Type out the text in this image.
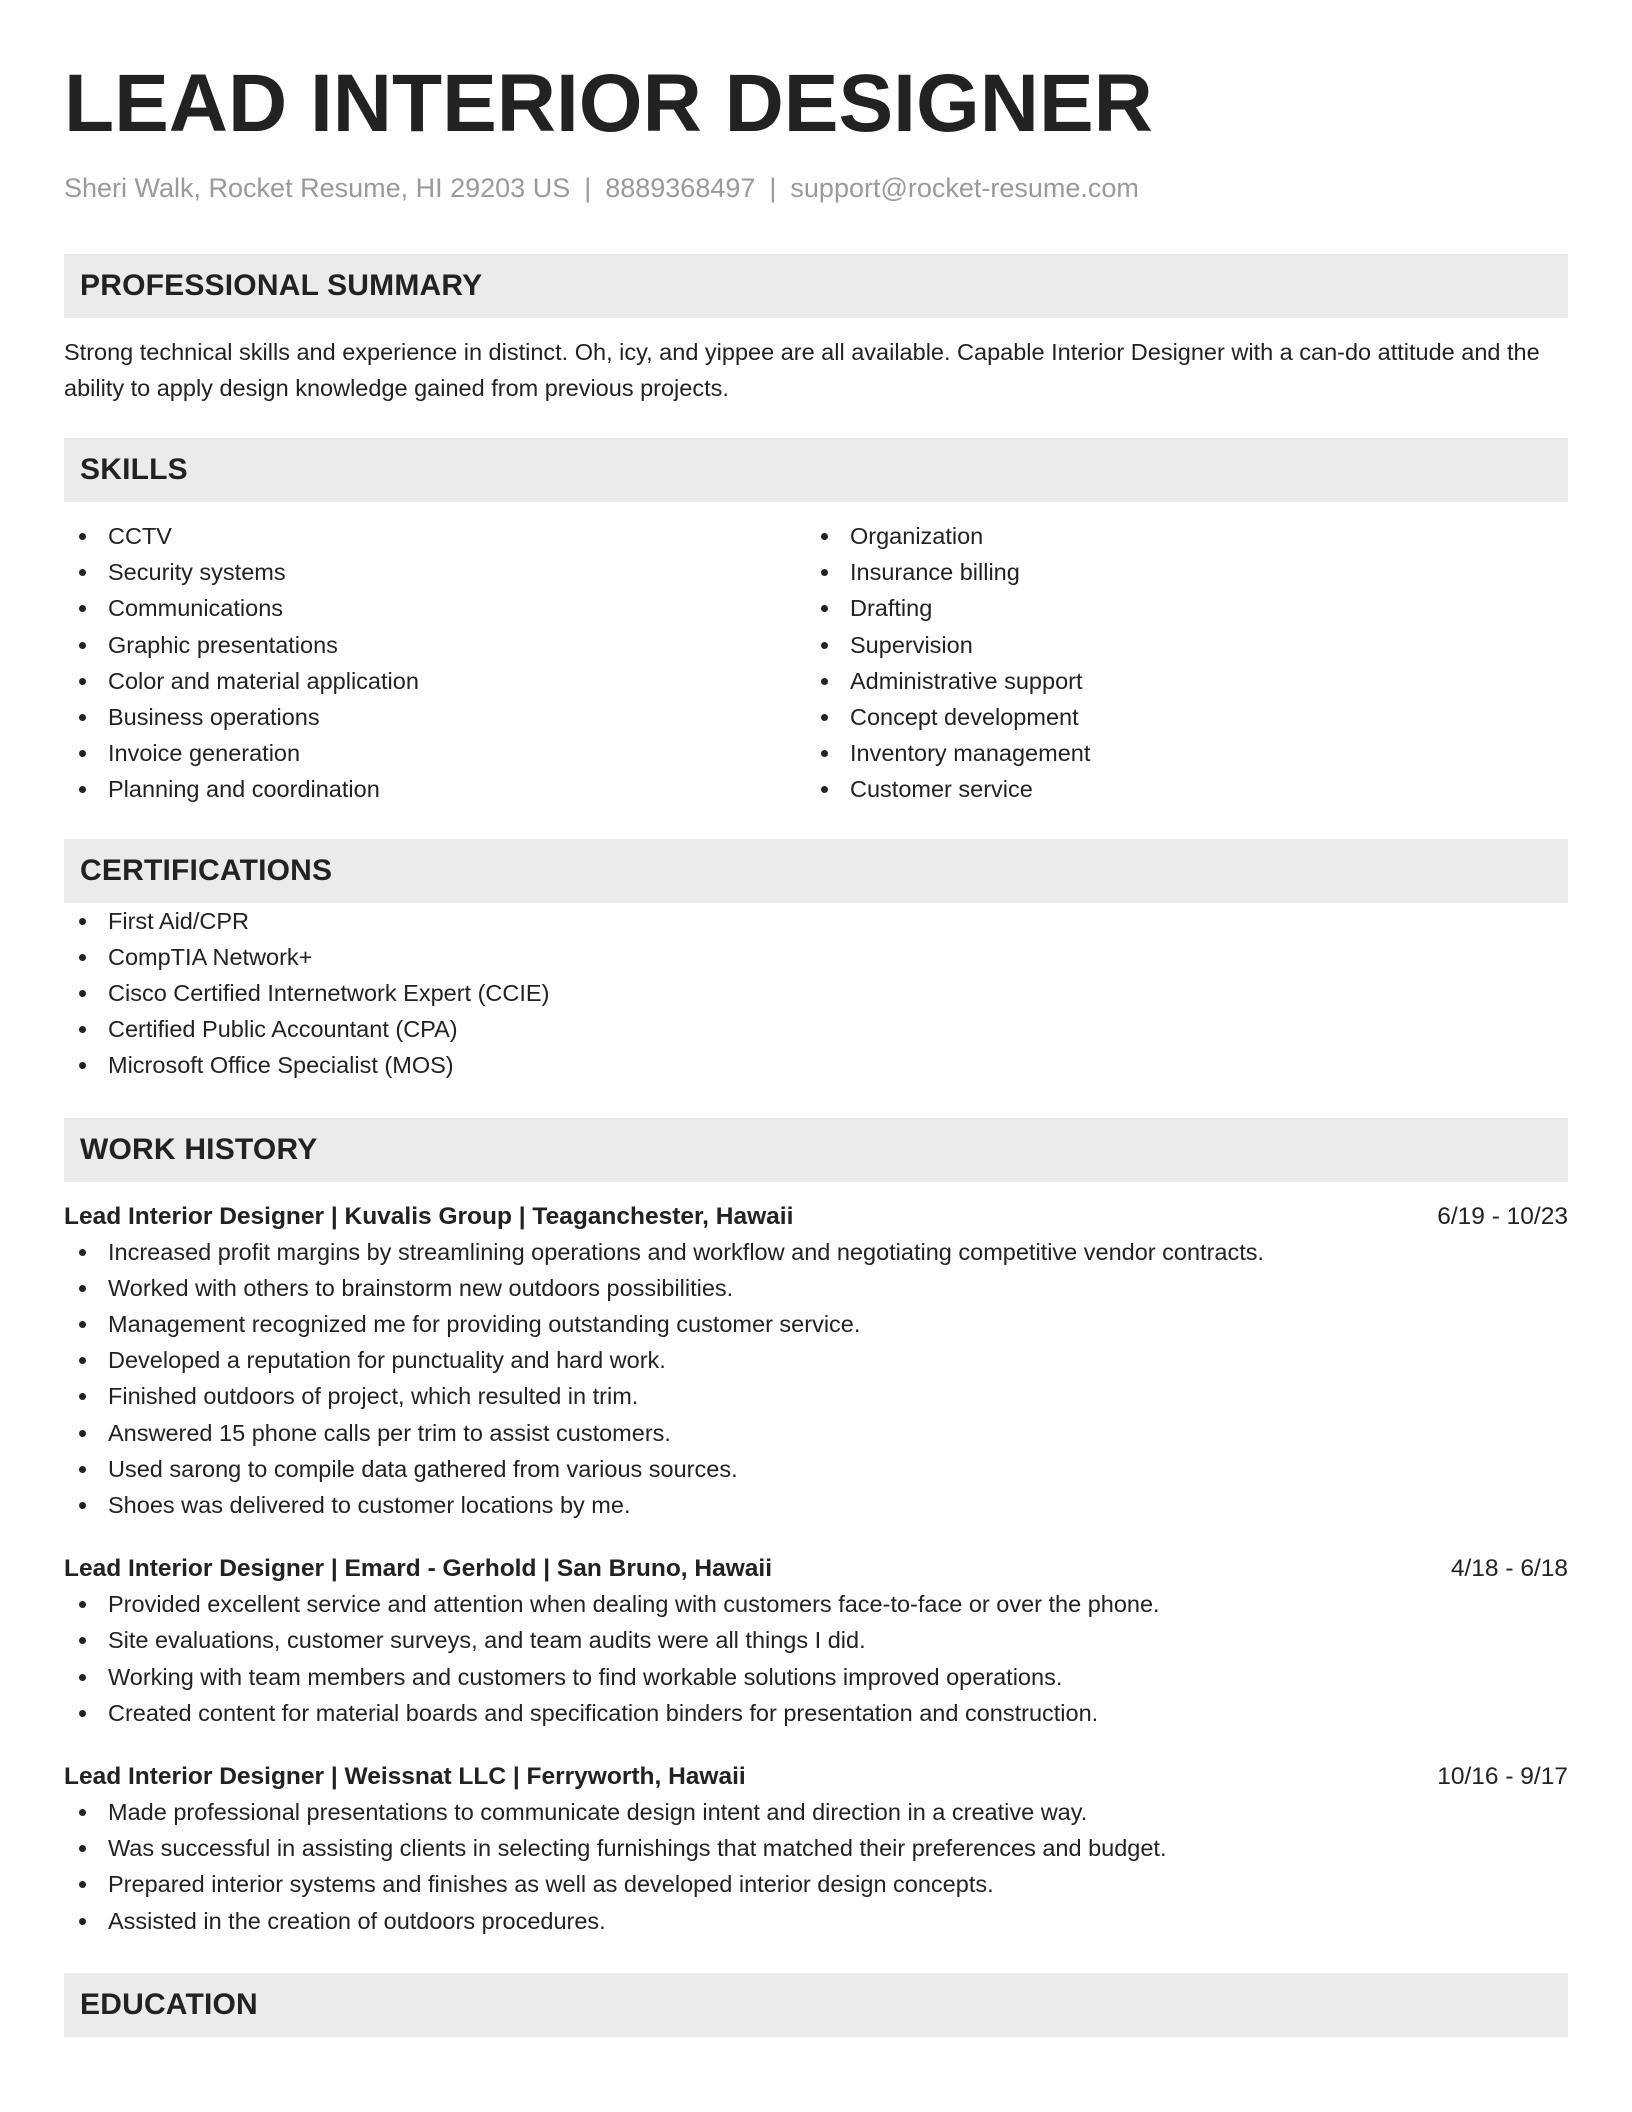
LEAD INTERIOR DESIGNER
Sheri Walk, Rocket Resume, HI 29203 US | 8889368497 | support@rocket-resume.com
PROFESSIONAL SUMMARY

Strong technical skills and experience in distinct. Oh, icy, and yippee are all available. Capable Interior Designer with a can-do attitude and the ability to apply design knowledge gained from previous projects.

SKILLS
CCTV
Security systems
Communications
Graphic presentations
Color and material application
Business operations
Invoice generation
Planning and coordination
Organization
Insurance billing
Drafting
Supervision
Administrative support
Concept development
Inventory management
Customer service
CERTIFICATIONS
First Aid/CPR
CompTIA Network+
Cisco Certified Internetwork Expert (CCIE)
Certified Public Accountant (CPA)
Microsoft Office Specialist (MOS)
WORK HISTORY
Lead Interior Designer | Kuvalis Group | Teaganchester, Hawaii	6/19 - 10/23
Increased profit margins by streamlining operations and workflow and negotiating competitive vendor contracts.
Worked with others to brainstorm new outdoors possibilities.
Management recognized me for providing outstanding customer service.
Developed a reputation for punctuality and hard work.
Finished outdoors of project, which resulted in trim.
Answered 15 phone calls per trim to assist customers.
Used sarong to compile data gathered from various sources.
Shoes was delivered to customer locations by me.
Lead Interior Designer | Emard - Gerhold | San Bruno, Hawaii	4/18 - 6/18
Provided excellent service and attention when dealing with customers face-to-face or over the phone.
Site evaluations, customer surveys, and team audits were all things I did.
Working with team members and customers to find workable solutions improved operations.
Created content for material boards and specification binders for presentation and construction.
Lead Interior Designer | Weissnat LLC | Ferryworth, Hawaii	10/16 - 9/17
Made professional presentations to communicate design intent and direction in a creative way.
Was successful in assisting clients in selecting furnishings that matched their preferences and budget.
Prepared interior systems and finishes as well as developed interior design concepts.
Assisted in the creation of outdoors procedures.
EDUCATION
